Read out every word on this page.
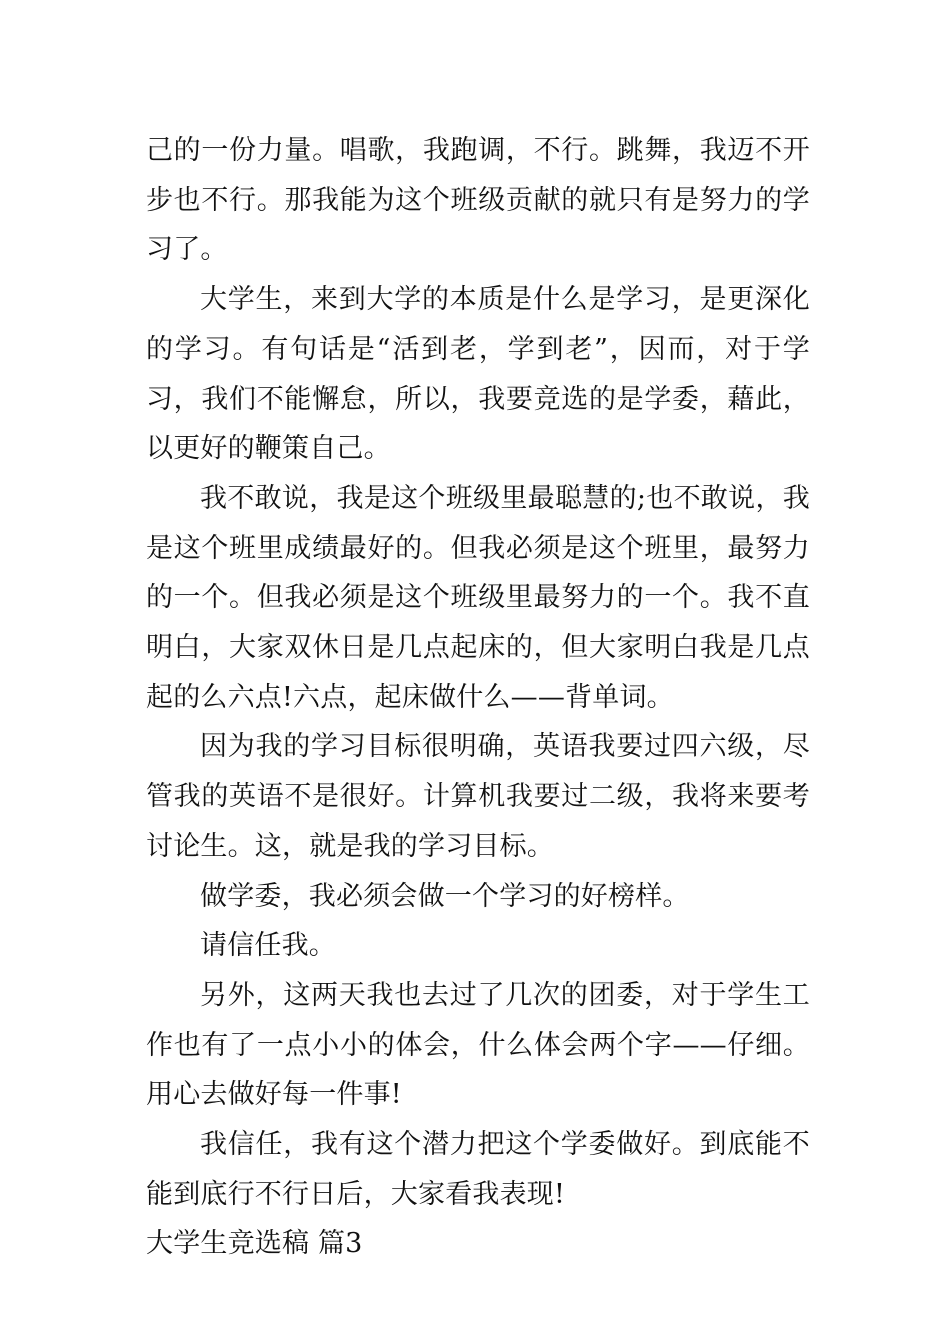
己的一份力量。唱歌，我跑调，不行。跳舞，我迈不开步也不行。那我能为这个班级贡献的就只有是努力的学习了。

大学生，来到大学的本质是什么是学习，是更深化的学习。有句话是“活到老，学到老”，因而，对于学习，我们不能懈怠，所以，我要竞选的是学委，藉此，以更好的鞭策自己。

我不敢说，我是这个班级里最聪慧的;也不敢说，我是这个班里成绩最好的。但我必须是这个班里，最努力的一个。但我必须是这个班级里最努力的一个。我不直明白，大家双休日是几点起床的，但大家明白我是几点起的么六点!六点，起床做什么——背单词。

因为我的学习目标很明确，英语我要过四六级，尽管我的英语不是很好。计算机我要过二级，我将来要考讨论生。这，就是我的学习目标。

做学委，我必须会做一个学习的好榜样。

请信任我。

另外，这两天我也去过了几次的团委，对于学生工作也有了一点小小的体会，什么体会两个字——仔细。用心去做好每一件事!

我信任，我有这个潜力把这个学委做好。到底能不能到底行不行日后，大家看我表现!

大学生竞选稿 篇3
